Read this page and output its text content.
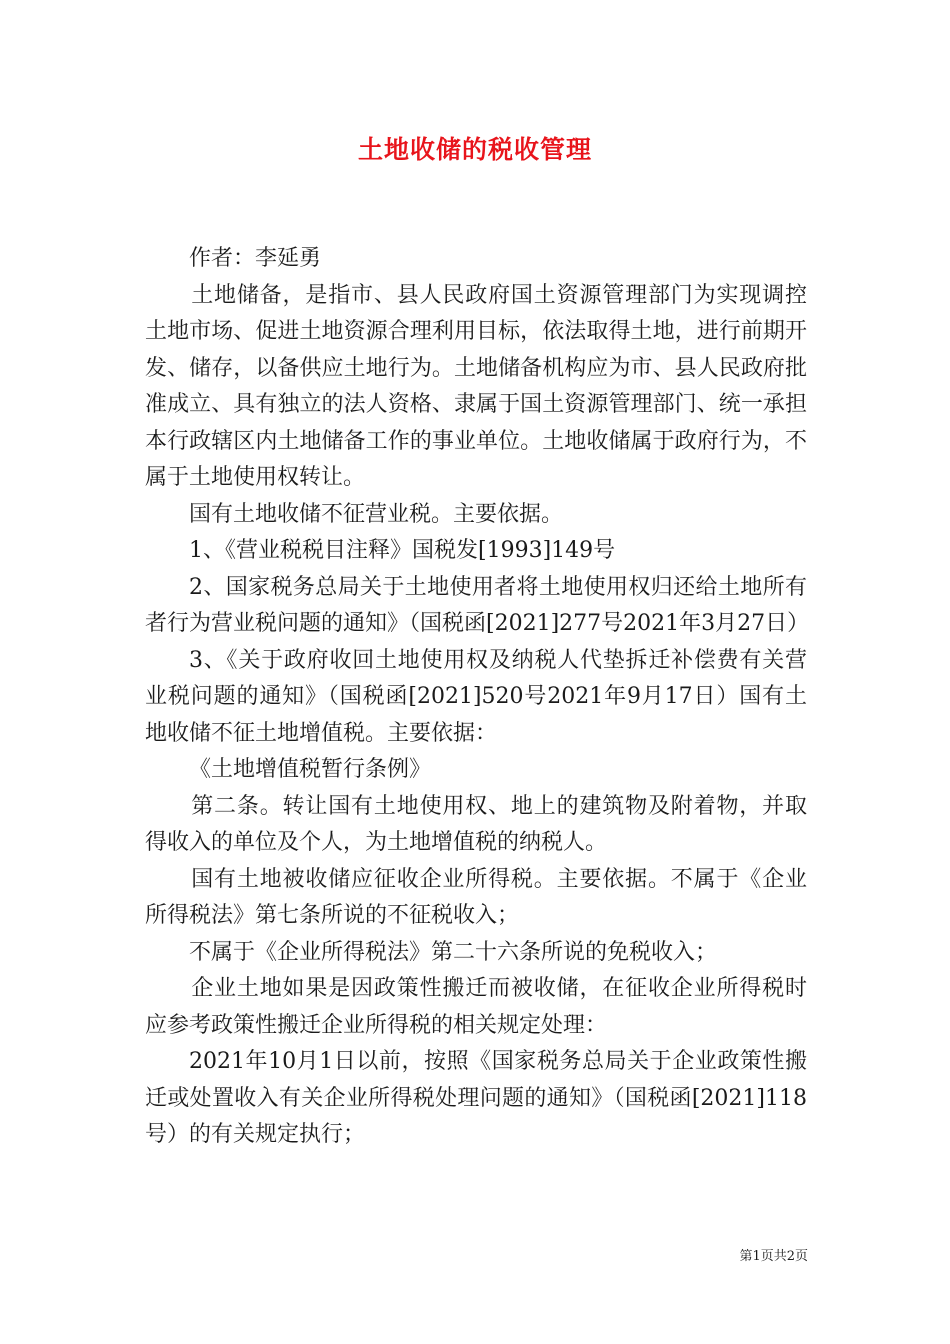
土地收储的税收管理

作者：李延勇

土地储备，是指市、县人民政府国土资源管理部门为实现调控土地市场、促进土地资源合理利用目标，依法取得土地，进行前期开发、储存，以备供应土地行为。土地储备机构应为市、县人民政府批准成立、具有独立的法人资格、隶属于国土资源管理部门、统一承担本行政辖区内土地储备工作的事业单位。土地收储属于政府行为，不属于土地使用权转让。

国有土地收储不征营业税。主要依据。

1、《营业税税目注释》国税发[1993]149号

2、国家税务总局关于土地使用者将土地使用权归还给土地所有者行为营业税问题的通知》（国税函[2021]277号2021年3月27日）

3、《关于政府收回土地使用权及纳税人代垫拆迁补偿费有关营业税问题的通知》（国税函[2021]520号2021年9月17日）国有土地收储不征土地增值税。主要依据：

《土地增值税暂行条例》

第二条。转让国有土地使用权、地上的建筑物及附着物，并取得收入的单位及个人，为土地增值税的纳税人。

国有土地被收储应征收企业所得税。主要依据。不属于《企业所得税法》第七条所说的不征税收入；

不属于《企业所得税法》第二十六条所说的免税收入；

企业土地如果是因政策性搬迁而被收储，在征收企业所得税时应参考政策性搬迁企业所得税的相关规定处理：

2021年10月1日以前，按照《国家税务总局关于企业政策性搬迁或处置收入有关企业所得税处理问题的通知》（国税函[2021]118号）的有关规定执行；

第1页共2页
